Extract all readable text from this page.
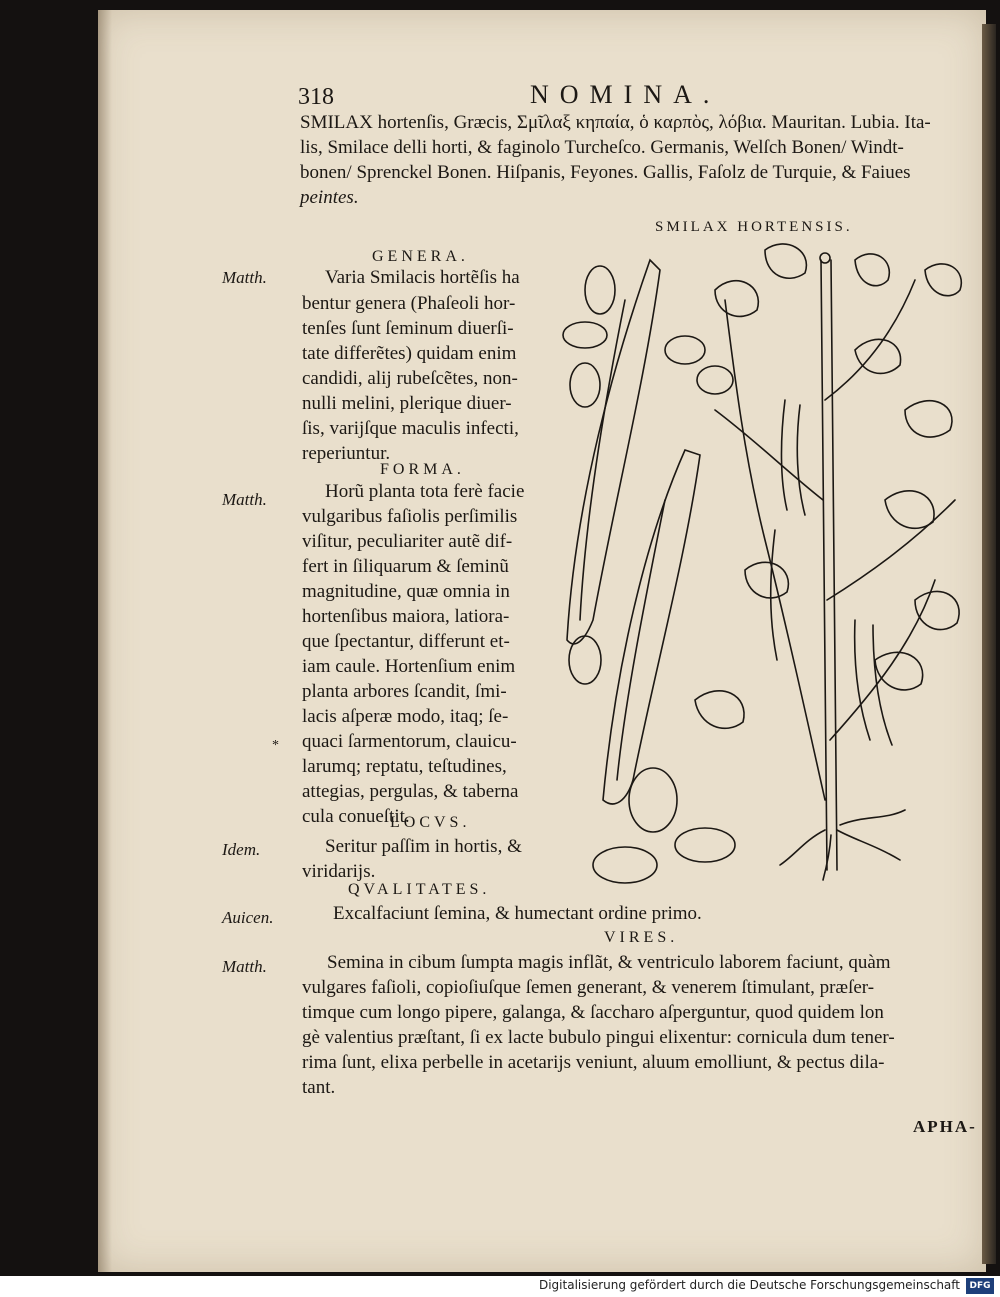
318	NOMINA.
SMILAX hortenſis, Græcis, Σμῖλαξ κηπαία, ὁ καρπὸς, λόβια. Mauritan. Lubia. Ita-
lis, Smilace delli horti, & faginolo Turcheſco. Germanis, Welſch Bonen/ Windt-
bonen/ Sprenckel Bonen. Hiſpanis, Feyones. Gallis, Faſolz de Turquie, & Faiues
peintes.
SMILAX HORTENSIS.
GENERA.
Matth.	Varia Smilacis hortẽſis ha
bentur genera (Phaſeoli hor-
tenſes ſunt ſeminum diuerſi-
tate differẽtes) quidam enim
candidi, alij rubeſcẽtes, non-
nulli melini, plerique diuer-
ſis, varijſque maculis infecti,
reperiuntur.
FORMA.
Matth.	Horũ planta tota ferè facie
vulgaribus faſiolis perſimilis
viſitur, peculiariter autẽ dif-
fert in ſiliquarum & ſeminũ
magnitudine, quæ omnia in
hortenſibus maiora, latiora-
que ſpectantur, differunt et-
iam caule. Hortenſium enim
planta arbores ſcandit, ſmi-
lacis aſperæ modo, itaq; ſe-
quaci ſarmentorum, clauicu-
larumq; reptatu, teſtudines,
attegias, pergulas, & taberna
cula conueſtit.
*
LOCVS.
Idem.	Seritur paſſim in hortis, &
viridarijs.
QVALITATES.
Auicen.	Excalfaciunt ſemina, & humectant ordine primo.
VIRES.
Matth.	Semina in cibum ſumpta magis inflãt, & ventriculo laborem faciunt, quàm
vulgares faſioli, copioſiuſque ſemen generant, & venerem ſtimulant, præſer-
timque cum longo pipere, galanga, & ſaccharo aſperguntur, quod quidem lon
gè valentius præſtant, ſi ex lacte bubulo pingui elixentur: cornicula dum tener-
rima ſunt, elixa perbelle in acetarijs veniunt, aluum emolliunt, & pectus dila-
tant.
APHA-
Digitalisierung gefördert durch die Deutsche Forschungsgemeinschaft	DFG
